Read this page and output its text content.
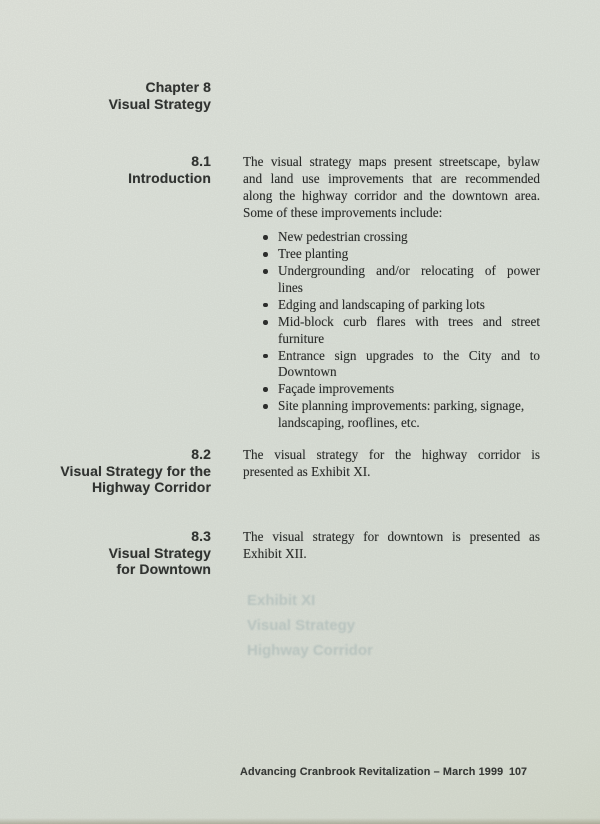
Chapter 8
Visual Strategy
8.1
Introduction
The visual strategy maps present streetscape, bylaw
and land use improvements that are recommended
along the highway corridor and the downtown area.
Some of these improvements include:
New pedestrian crossing
Tree planting
Undergrounding and/or relocating of power
lines
Edging and landscaping of parking lots
Mid-block curb flares with trees and street
furniture
Entrance sign upgrades to the City and to
Downtown
Façade improvements
Site planning improvements: parking, signage,
landscaping, rooflines, etc.
8.2
Visual Strategy for the
Highway Corridor
The visual strategy for the highway corridor is
presented as Exhibit XI.
8.3
Visual Strategy
for Downtown
The visual strategy for downtown is presented as
Exhibit XII.
Exhibit XI
Visual Strategy
Highway Corridor
Advancing Cranbrook Revitalization – March 1999 107
